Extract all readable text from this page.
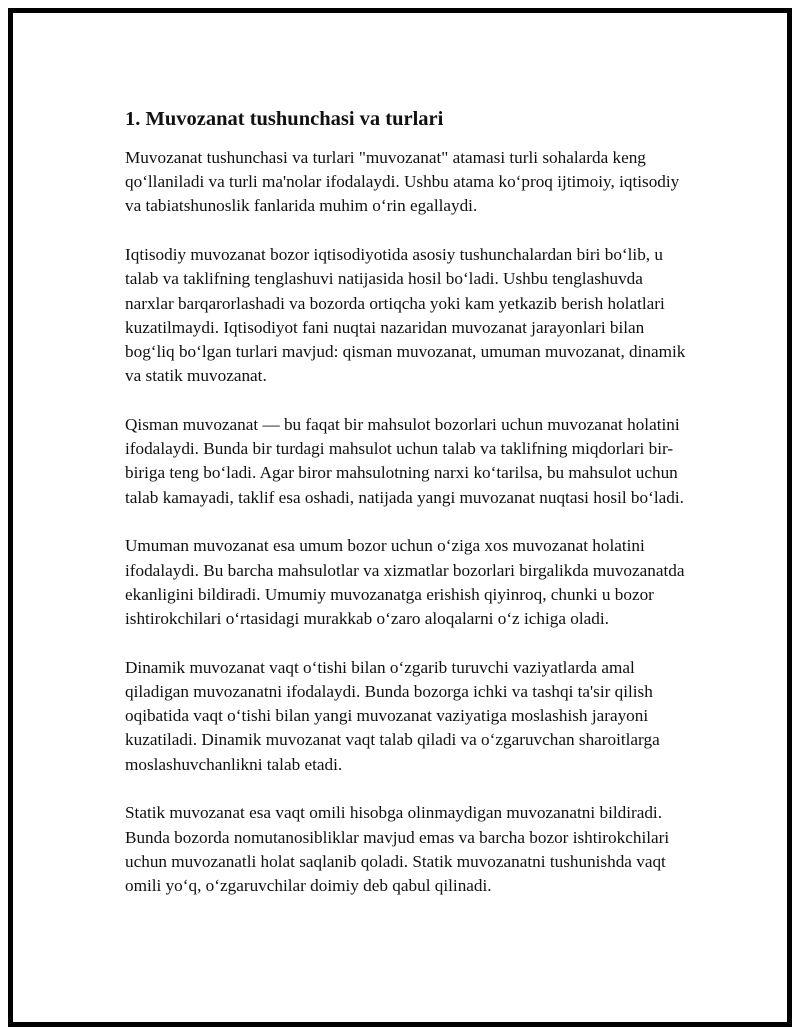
1. Muvozanat tushunchasi va turlari

Muvozanat tushunchasi va turlari "muvozanat" atamasi turli sohalarda keng qo‘llaniladi va turli ma'nolar ifodalaydi. Ushbu atama ko‘proq ijtimoiy, iqtisodiy va tabiatshunoslik fanlarida muhim o‘rin egallaydi.

Iqtisodiy muvozanat bozor iqtisodiyotida asosiy tushunchalardan biri bo‘lib, u talab va taklifning tenglashuvi natijasida hosil bo‘ladi. Ushbu tenglashuvda narxlar barqarorlashadi va bozorda ortiqcha yoki kam yetkazib berish holatlari kuzatilmaydi. Iqtisodiyot fani nuqtai nazaridan muvozanat jarayonlari bilan bog‘liq bo‘lgan turlari mavjud: qisman muvozanat, umuman muvozanat, dinamik va statik muvozanat.

Qisman muvozanat — bu faqat bir mahsulot bozorlari uchun muvozanat holatini ifodalaydi. Bunda bir turdagi mahsulot uchun talab va taklifning miqdorlari bir-biriga teng bo‘ladi. Agar biror mahsulotning narxi ko‘tarilsa, bu mahsulot uchun talab kamayadi, taklif esa oshadi, natijada yangi muvozanat nuqtasi hosil bo‘ladi.

Umuman muvozanat esa umum bozor uchun o‘ziga xos muvozanat holatini ifodalaydi. Bu barcha mahsulotlar va xizmatlar bozorlari birgalikda muvozanatda ekanligini bildiradi. Umumiy muvozanatga erishish qiyinroq, chunki u bozor ishtirokchilari o‘rtasidagi murakkab o‘zaro aloqalarni o‘z ichiga oladi.

Dinamik muvozanat vaqt o‘tishi bilan o‘zgarib turuvchi vaziyatlarda amal qiladigan muvozanatni ifodalaydi. Bunda bozorga ichki va tashqi ta'sir qilish oqibatida vaqt o‘tishi bilan yangi muvozanat vaziyatiga moslashish jarayoni kuzatiladi. Dinamik muvozanat vaqt talab qiladi va o‘zgaruvchan sharoitlarga moslashuvchanlikni talab etadi.

Statik muvozanat esa vaqt omili hisobga olinmaydigan muvozanatni bildiradi. Bunda bozorda nomutanosibliklar mavjud emas va barcha bozor ishtirokchilari uchun muvozanatli holat saqlanib qoladi. Statik muvozanatni tushunishda vaqt omili yo‘q, o‘zgaruvchilar doimiy deb qabul qilinadi.
